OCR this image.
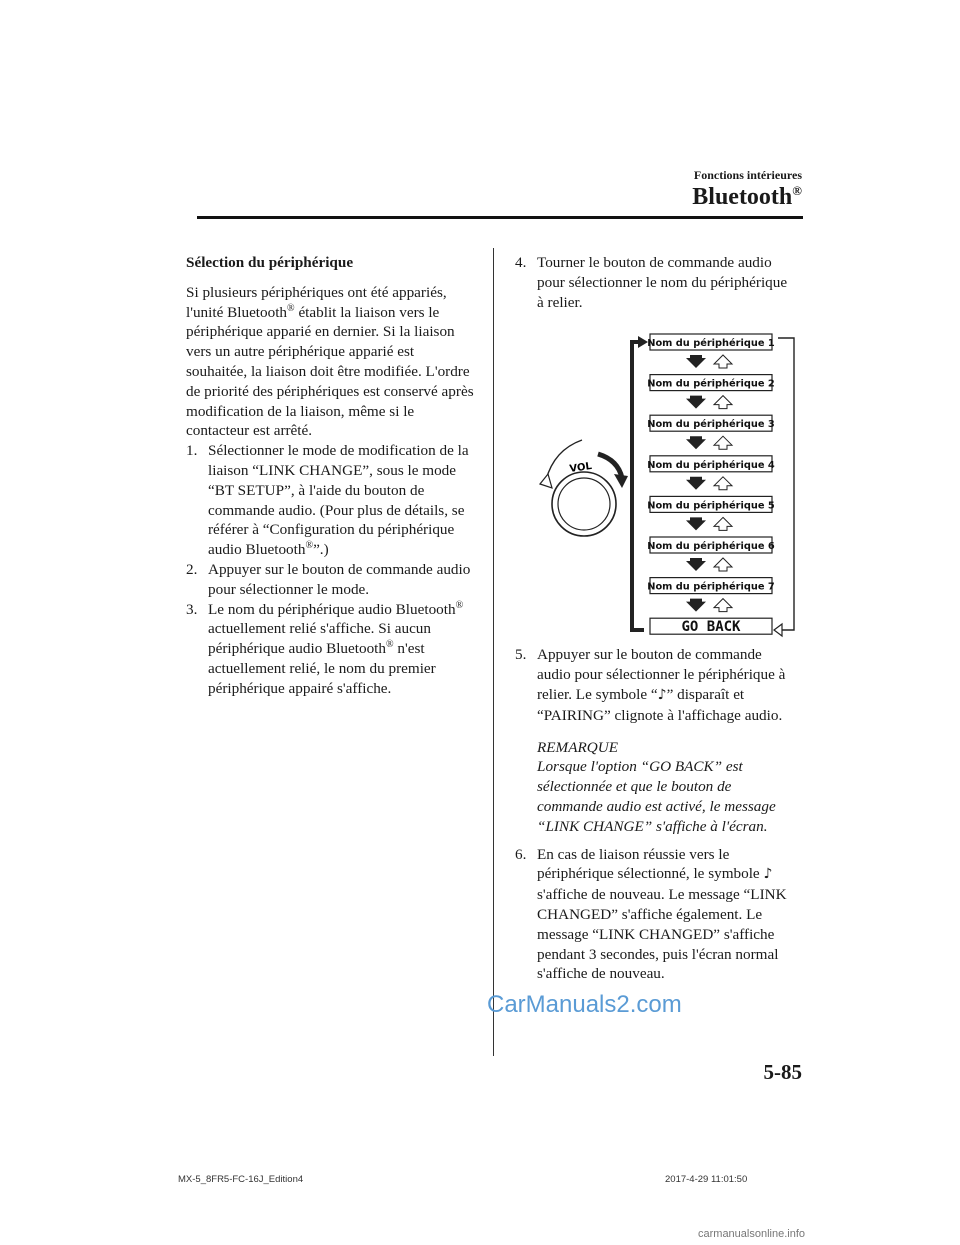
Fonctions intérieures
Bluetooth®

Sélection du périphérique

Si plusieurs périphériques ont été appariés, l'unité Bluetooth® établit la liaison vers le périphérique apparié en dernier. Si la liaison vers un autre périphérique apparié est souhaitée, la liaison doit être modifiée. L'ordre de priorité des périphériques est conservé après modification de la liaison, même si le contacteur est arrêté.

1. Sélectionner le mode de modification de la liaison “LINK CHANGE”, sous le mode “BT SETUP”, à l'aide du bouton de commande audio. (Pour plus de détails, se référer à “Configuration du périphérique audio Bluetooth®”.)

2. Appuyer sur le bouton de commande audio pour sélectionner le mode.

3. Le nom du périphérique audio Bluetooth® actuellement relié s'affiche. Si aucun périphérique audio Bluetooth® n'est actuellement relié, le nom du premier périphérique appairé s'affiche.

4. Tourner le bouton de commande audio pour sélectionner le nom du périphérique à relier.

5. Appuyer sur le bouton de commande audio pour sélectionner le périphérique à relier. Le symbole “♪” disparaît et “PAIRING” clignote à l'affichage audio.

REMARQUE

Lorsque l'option “GO BACK” est sélectionnée et que le bouton de commande audio est activé, le message “LINK CHANGE” s'affiche à l'écran.

6. En cas de liaison réussie vers le périphérique sélectionné, le symbole ♪ s'affiche de nouveau. Le message “LINK CHANGED” s'affiche également. Le message “LINK CHANGED” s'affiche pendant 3 secondes, puis l'écran normal s'affiche de nouveau.

VOL
Nom du périphérique 1
Nom du périphérique 2
Nom du périphérique 3
Nom du périphérique 4
Nom du périphérique 5
Nom du périphérique 6
Nom du périphérique 7
GO BACK
5-85
MX-5_8FR5-FC-16J_Edition4	2017-4-29 11:01:50
CarManuals2.com
carmanualsonline.info
